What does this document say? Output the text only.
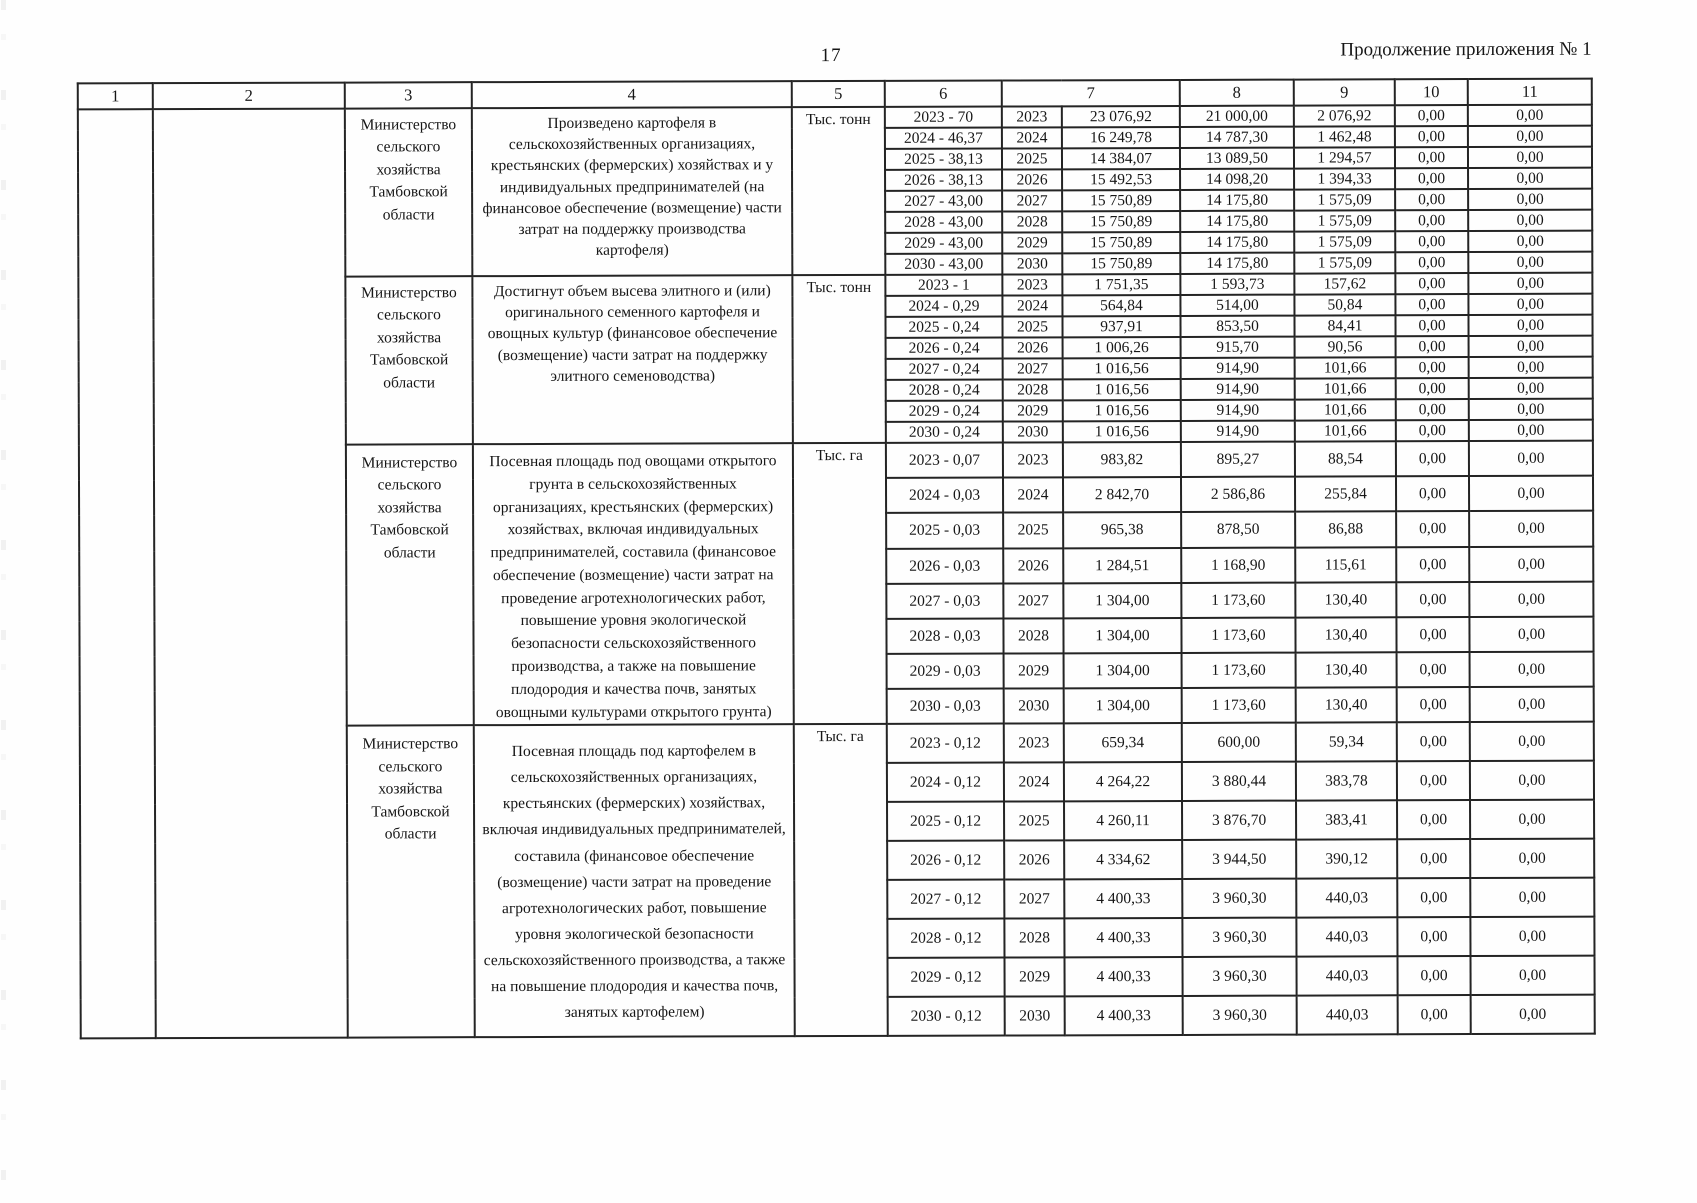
17	Продолжение приложения № 1
1	2	3	4	5	6	7		8	9	10	11
		Министерство сельского хозяйства Тамбовской области	Произведено картофеля в сельскохозяйственных организациях, крестьянских (фермерских) хозяйствах и у индивидуальных предпринимателей (на финансовое обеспечение (возмещение) части затрат на поддержку производства картофеля)	Тыс. тонн	2023 - 70	2023	23 076,92	21 000,00	2 076,92	0,00	0,00
					2024 - 46,37	2024	16 249,78	14 787,30	1 462,48	0,00	0,00
					2025 - 38,13	2025	14 384,07	13 089,50	1 294,57	0,00	0,00
					2026 - 38,13	2026	15 492,53	14 098,20	1 394,33	0,00	0,00
					2027 - 43,00	2027	15 750,89	14 175,80	1 575,09	0,00	0,00
					2028 - 43,00	2028	15 750,89	14 175,80	1 575,09	0,00	0,00
					2029 - 43,00	2029	15 750,89	14 175,80	1 575,09	0,00	0,00
					2030 - 43,00	2030	15 750,89	14 175,80	1 575,09	0,00	0,00
		Министерство сельского хозяйства Тамбовской области	Достигнут объем высева элитного и (или) оригинального семенного картофеля и овощных культур (финансовое обеспечение (возмещение) части затрат на поддержку элитного семеноводства)	Тыс. тонн	2023 - 1	2023	1 751,35	1 593,73	157,62	0,00	0,00
					2024 - 0,29	2024	564,84	514,00	50,84	0,00	0,00
					2025 - 0,24	2025	937,91	853,50	84,41	0,00	0,00
					2026 - 0,24	2026	1 006,26	915,70	90,56	0,00	0,00
					2027 - 0,24	2027	1 016,56	914,90	101,66	0,00	0,00
					2028 - 0,24	2028	1 016,56	914,90	101,66	0,00	0,00
					2029 - 0,24	2029	1 016,56	914,90	101,66	0,00	0,00
					2030 - 0,24	2030	1 016,56	914,90	101,66	0,00	0,00
		Министерство сельского хозяйства Тамбовской области	Посевная площадь под овощами открытого грунта в сельскохозяйственных организациях, крестьянских (фермерских) хозяйствах, включая индивидуальных предпринимателей, составила (финансовое обеспечение (возмещение) части затрат на проведение агротехнологических работ, повышение уровня экологической безопасности сельскохозяйственного производства, а также на повышение плодородия и качества почв, занятых овощными культурами открытого грунта)	Тыс. га	2023 - 0,07	2023	983,82	895,27	88,54	0,00	0,00
					2024 - 0,03	2024	2 842,70	2 586,86	255,84	0,00	0,00
					2025 - 0,03	2025	965,38	878,50	86,88	0,00	0,00
					2026 - 0,03	2026	1 284,51	1 168,90	115,61	0,00	0,00
					2027 - 0,03	2027	1 304,00	1 173,60	130,40	0,00	0,00
					2028 - 0,03	2028	1 304,00	1 173,60	130,40	0,00	0,00
					2029 - 0,03	2029	1 304,00	1 173,60	130,40	0,00	0,00
					2030 - 0,03	2030	1 304,00	1 173,60	130,40	0,00	0,00
		Министерство сельского хозяйства Тамбовской области	Посевная площадь под картофелем в сельскохозяйственных организациях, крестьянских (фермерских) хозяйствах, включая индивидуальных предпринимателей, составила (финансовое обеспечение (возмещение) части затрат на проведение агротехнологических работ, повышение уровня экологической безопасности сельскохозяйственного производства, а также на повышение плодородия и качества почв, занятых картофелем)	Тыс. га	2023 - 0,12	2023	659,34	600,00	59,34	0,00	0,00
					2024 - 0,12	2024	4 264,22	3 880,44	383,78	0,00	0,00
					2025 - 0,12	2025	4 260,11	3 876,70	383,41	0,00	0,00
					2026 - 0,12	2026	4 334,62	3 944,50	390,12	0,00	0,00
					2027 - 0,12	2027	4 400,33	3 960,30	440,03	0,00	0,00
					2028 - 0,12	2028	4 400,33	3 960,30	440,03	0,00	0,00
					2029 - 0,12	2029	4 400,33	3 960,30	440,03	0,00	0,00
					2030 - 0,12	2030	4 400,33	3 960,30	440,03	0,00	0,00
